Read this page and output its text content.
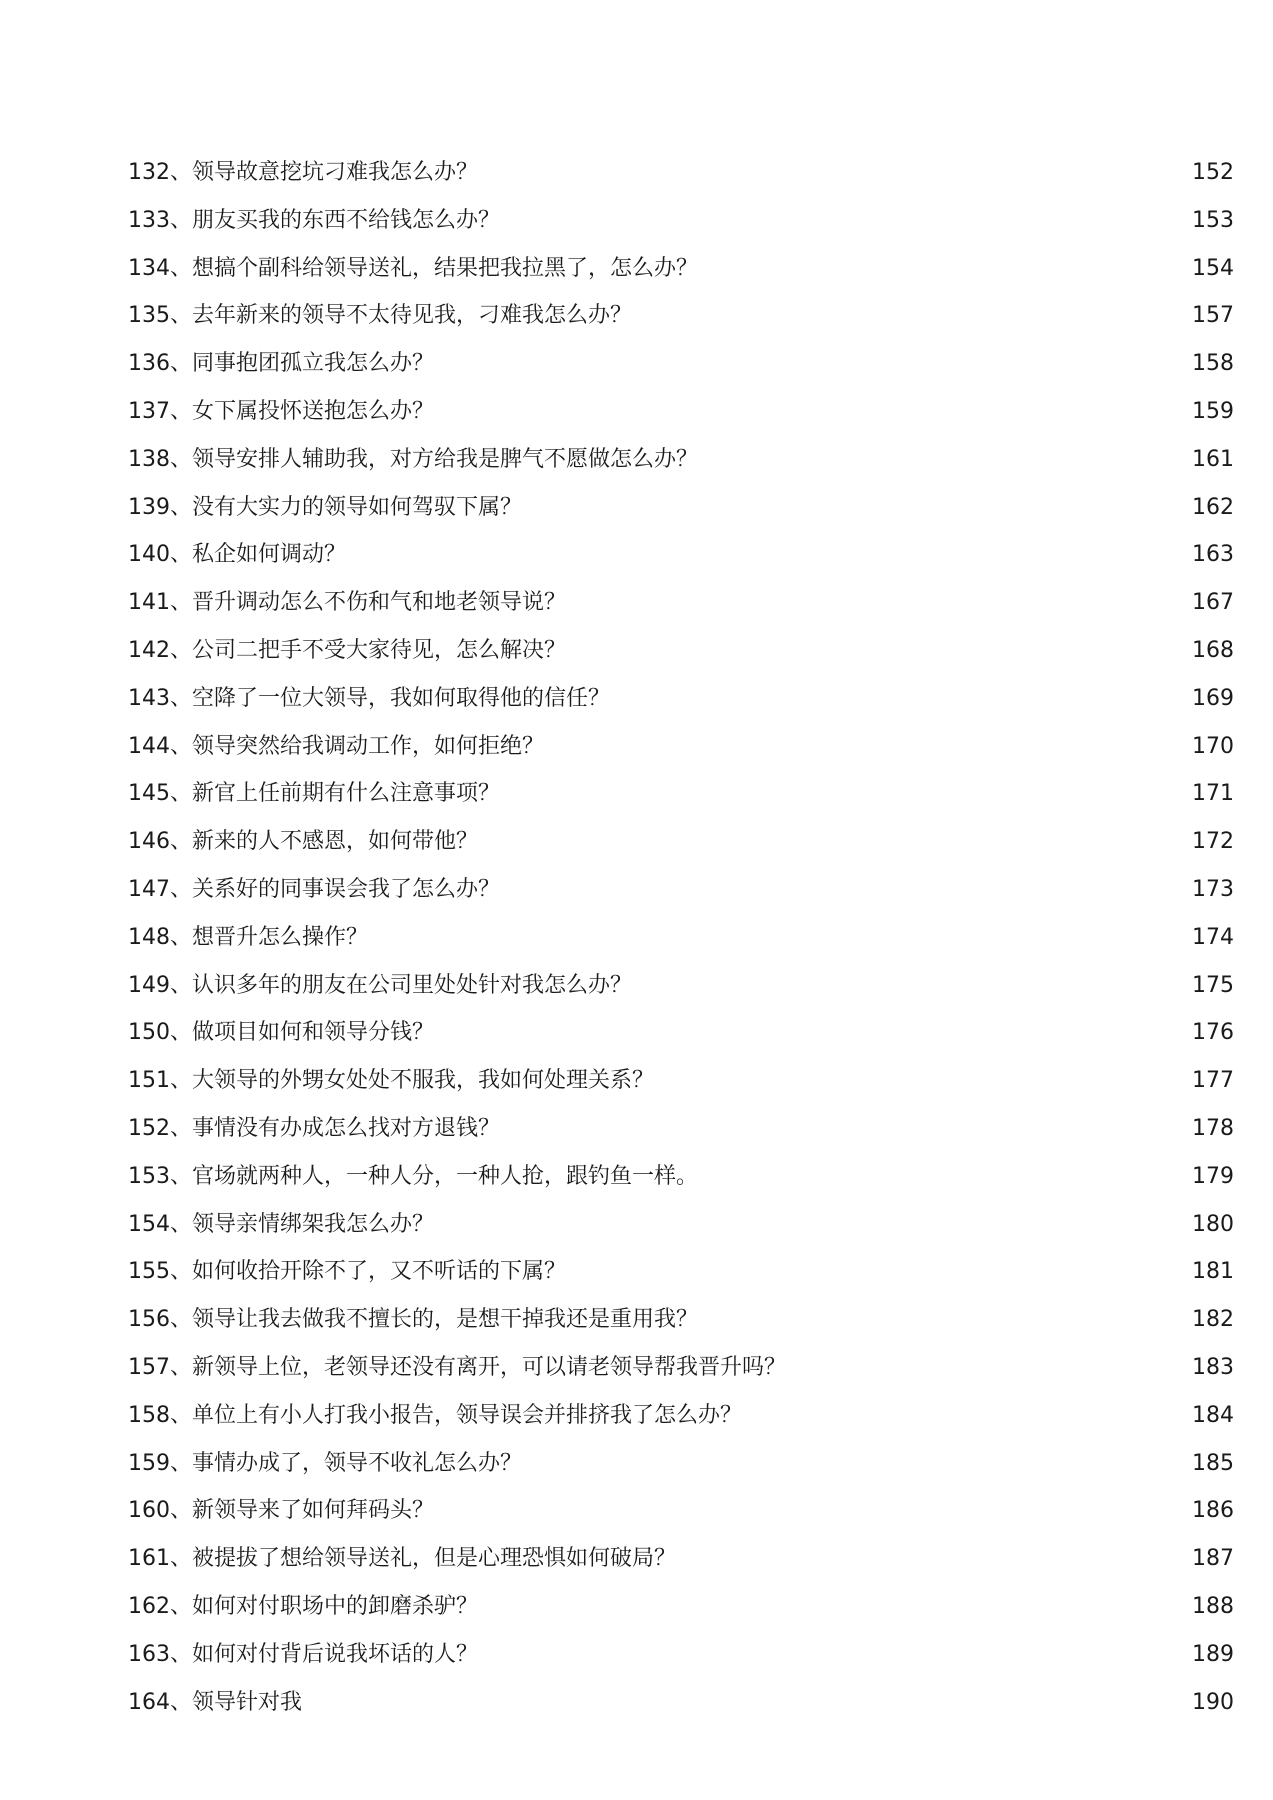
132、领导故意挖坑刁难我怎么办？	152
133、朋友买我的东西不给钱怎么办？	153
134、想搞个副科给领导送礼，结果把我拉黑了，怎么办？	154
135、去年新来的领导不太待见我，刁难我怎么办？	157
136、同事抱团孤立我怎么办？	158
137、女下属投怀送抱怎么办？	159
138、领导安排人辅助我，对方给我是脾气不愿做怎么办？	161
139、没有大实力的领导如何驾驭下属？	162
140、私企如何调动？	163
141、晋升调动怎么不伤和气和地老领导说？	167
142、公司二把手不受大家待见，怎么解决？	168
143、空降了一位大领导，我如何取得他的信任？	169
144、领导突然给我调动工作，如何拒绝？	170
145、新官上任前期有什么注意事项？	171
146、新来的人不感恩，如何带他？	172
147、关系好的同事误会我了怎么办？	173
148、想晋升怎么操作？	174
149、认识多年的朋友在公司里处处针对我怎么办？	175
150、做项目如何和领导分钱？	176
151、大领导的外甥女处处不服我，我如何处理关系？	177
152、事情没有办成怎么找对方退钱？	178
153、官场就两种人，一种人分，一种人抢，跟钓鱼一样。	179
154、领导亲情绑架我怎么办？	180
155、如何收拾开除不了，又不听话的下属？	181
156、领导让我去做我不擅长的，是想干掉我还是重用我？	182
157、新领导上位，老领导还没有离开，可以请老领导帮我晋升吗？	183
158、单位上有小人打我小报告，领导误会并排挤我了怎么办？	184
159、事情办成了，领导不收礼怎么办？	185
160、新领导来了如何拜码头？	186
161、被提拔了想给领导送礼，但是心理恐惧如何破局？	187
162、如何对付职场中的卸磨杀驴？	188
163、如何对付背后说我坏话的人？	189
164、领导针对我	190
